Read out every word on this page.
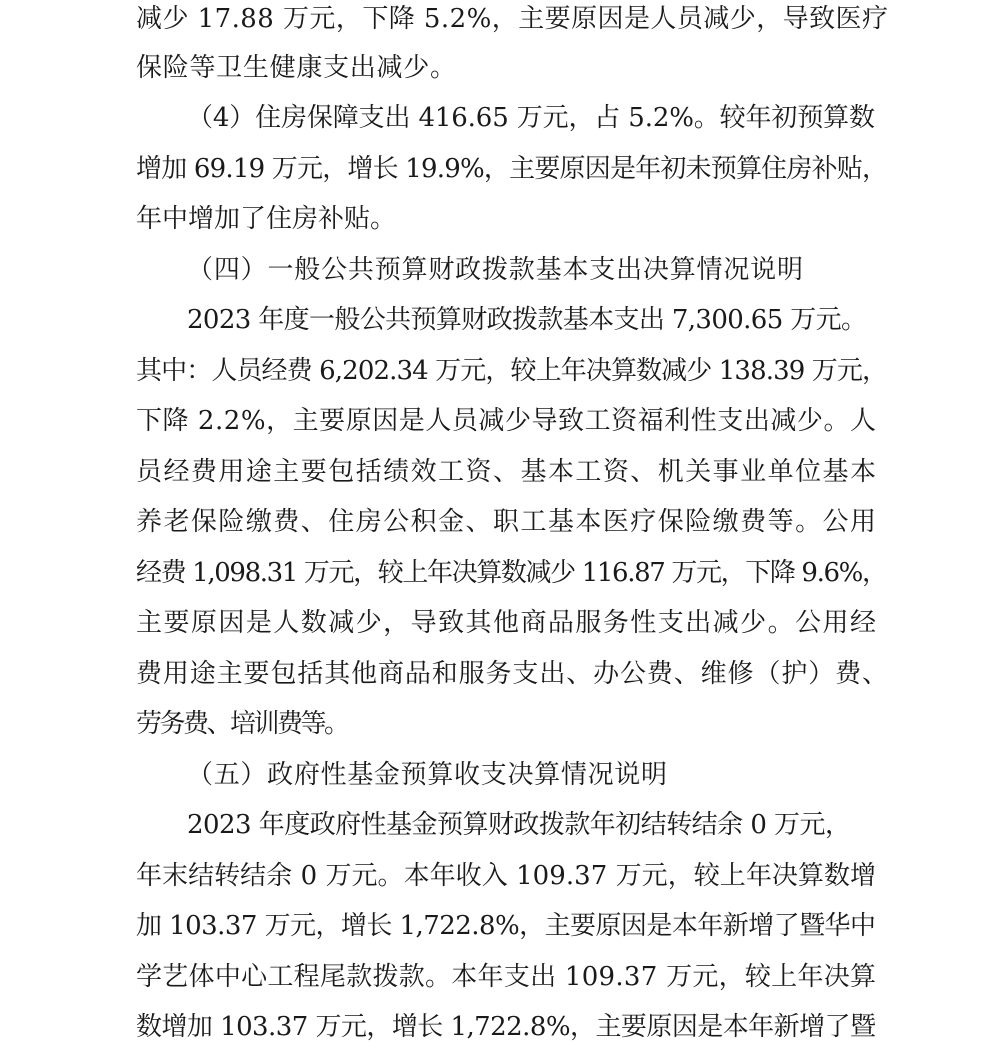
减少 17.88 万元，下降 5.2%，主要原因是人员减少，导致医疗
保险等卫生健康支出减少。
（4）住房保障支出 416.65 万元，占 5.2%。较年初预算数
增加 69.19 万元，增长 19.9%，主要原因是年初未预算住房补贴，
年中增加了住房补贴。
（四）一般公共预算财政拨款基本支出决算情况说明
2023 年度一般公共预算财政拨款基本支出 7,300.65 万元。
其中：人员经费 6,202.34 万元，较上年决算数减少 138.39 万元，
下降 2.2%，主要原因是人员减少导致工资福利性支出减少。人
员经费用途主要包括绩效工资、基本工资、机关事业单位基本
养老保险缴费、住房公积金、职工基本医疗保险缴费等。公用
经费 1,098.31 万元，较上年决算数减少 116.87 万元，下降 9.6%，
主要原因是人数减少，导致其他商品服务性支出减少。公用经
费用途主要包括其他商品和服务支出、办公费、维修（护）费、
劳务费、培训费等。
（五）政府性基金预算收支决算情况说明
2023 年度政府性基金预算财政拨款年初结转结余 0 万元，
年末结转结余 0 万元。本年收入 109.37 万元，较上年决算数增
加 103.37 万元，增长 1,722.8%，主要原因是本年新增了暨华中
学艺体中心工程尾款拨款。本年支出 109.37 万元，较上年决算
数增加 103.37 万元，增长 1,722.8%，主要原因是本年新增了暨
